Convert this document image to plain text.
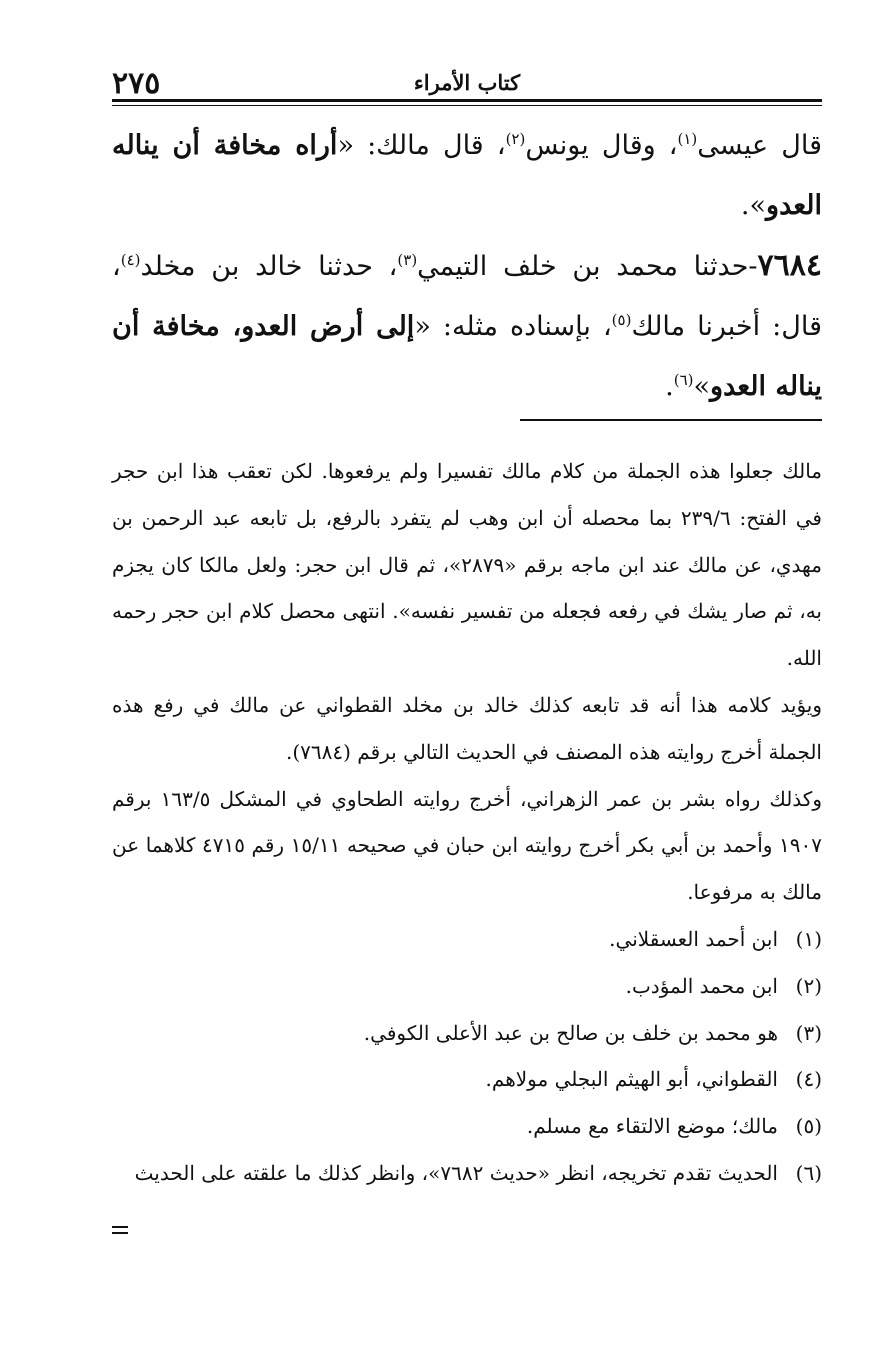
٢٧٥	كتاب الأمراء

قال عيسى$^{(١)}$، وقال يونس$^{(٢)}$، قال مالك: «أراه مخافة أن يناله العدو».

٧٦٨٤-حدثنا محمد بن خلف التيمي$^{(٣)}$، حدثنا خالد بن مخلد$^{(٤)}$، قال: أخبرنا مالك$^{(٥)}$، بإسناده مثله: «إلى أرض العدو، مخافة أن يناله العدو»$^{(٦)}$.

مالك جعلوا هذه الجملة من كلام مالك تفسيرا ولم يرفعوها. لكن تعقب هذا ابن حجر في الفتح: ٢٣٩/٦ بما محصله أن ابن وهب لم يتفرد بالرفع، بل تابعه عبد الرحمن بن مهدي، عن مالك عند ابن ماجه برقم «٢٨٧٩»، ثم قال ابن حجر: ولعل مالكا كان يجزم به، ثم صار يشك في رفعه فجعله من تفسير نفسه». انتهى محصل كلام ابن حجر رحمه الله.

ويؤيد كلامه هذا أنه قد تابعه كذلك خالد بن مخلد القطواني عن مالك في رفع هذه الجملة أخرج روايته هذه المصنف في الحديث التالي برقم (٧٦٨٤).

وكذلك رواه بشر بن عمر الزهراني، أخرج روايته الطحاوي في المشكل ١٦٣/٥ برقم ١٩٠٧ وأحمد بن أبي بكر أخرج روايته ابن حبان في صحيحه ١٥/١١ رقم ٤٧١٥ كلاهما عن مالك به مرفوعا.

(١)ابن أحمد العسقلاني.
(٢)ابن محمد المؤدب.
(٣)هو محمد بن خلف بن صالح بن عبد الأعلى الكوفي.
(٤)القطواني، أبو الهيثم البجلي مولاهم.
(٥)مالك؛ موضع الالتقاء مع مسلم.
(٦)الحديث تقدم تخريجه، انظر «حديث ٧٦٨٢»، وانظر كذلك ما علقته على الحديث
